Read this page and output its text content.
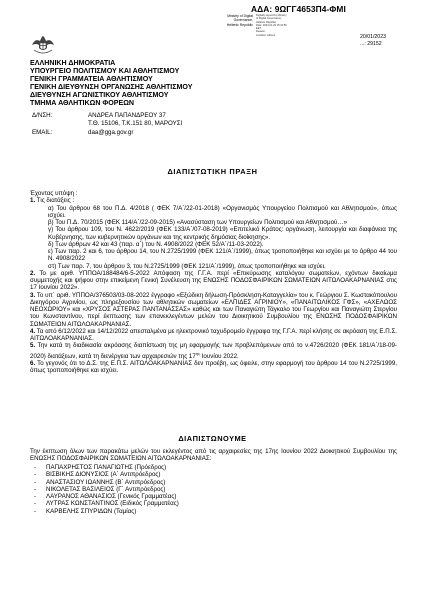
ΑΔΑ: 9ΩΓΓ4653Π4-ΦΜΙ
Ministry of Digital
Governance,
Hellenic Republic
Digitally signed by Ministry
of Digital Governance,
Hellenic Republic
Date: 2023.01.20 15:19:56
EET
Reason:
Location: Athens	20/01/2023
...: 29152
ΕΛΛΗΝΙΚΗ ΔΗΜΟΚΡΑΤΙΑ
ΥΠΟΥΡΓΕΙΟ ΠΟΛΙΤΙΣΜΟΥ ΚΑΙ ΑΘΛΗΤΙΣΜΟΥ
ΓΕΝΙΚΗ ΓΡΑΜΜΑΤΕΙΑ ΑΘΛΗΤΙΣΜΟΥ
ΓΕΝΙΚΗ ΔΙΕΥΘΥΝΣΗ ΟΡΓΑΝΩΣΗΣ ΑΘΛΗΤΙΣΜΟΥ
ΔΙΕΥΘΥΝΣΗ ΑΓΩΝΙΣΤΙΚΟΥ ΑΘΛΗΤΙΣΜΟΥ
ΤΜΗΜΑ ΑΘΛΗΤΙΚΩΝ ΦΟΡΕΩΝ
Δ/ΝΣΗ:	ΑΝΔΡΕΑ ΠΑΠΑΝΔΡΕΟΥ 37
Τ.Θ. 15106, Τ.Κ.151 80, ΜΑΡΟΥΣΙ
EMAIL:	daa@gga.gov.gr
ΔΙΑΠΙΣΤΩΤΙΚΗ ΠΡΑΞΗ

Έχοντας υπόψη :

1. Τις διατάξεις :

α) Του άρθρου 68 του Π.Δ. 4/2018 ( ΦΕΚ 7/Α΄/22-01-2018) «Οργανισμός Υπουργείου Πολιτισμού και Αθλητισμού», όπως ισχύει.

β) Του Π.Δ. 70/2015 (ΦΕΚ 114/Α΄/22-09-2015) «Ανασύσταση των Υπουργείων Πολιτισμού και Αθλητισμού…»

γ) Του άρθρου 109, του Ν. 4622/2019 (ΦΕΚ 133/Α΄/07-08-2019) «Επιτελικό Κράτος: οργάνωση, λειτουργία και διαφάνεια της Κυβέρνησης, των κυβερνητικών οργάνων και της κεντρικής δημόσιας διοίκησης».

δ) Των άρθρων 42 και 43 (παρ. α΄) του Ν. 4908/2022 (ΦΕΚ 52/Α΄/11-03-2022).

ε) Των παρ. 2 και 6, του άρθρου 14, του Ν.2725/1999 (ΦΕΚ 121/Α΄/1999), όπως τροποποιήθηκε και ισχύει με το άρθρο 44 του Ν. 4908/2022

στ) Των παρ. 7, του άρθρου 3, του Ν.2725/1999 (ΦΕΚ 121/Α΄/1999), όπως τροποποιήθηκε και ισχύει.

2. Το με αριθ. ΥΠΠΟΑ/188484/6-5-2022 Απόφαση της Γ.Γ.Α. περί «Επικύρωσης καταλόγου σωματείων, εχόντων δικαίωμα συμμετοχής και ψήφου στην επικείμενη Γενική Συνέλευση της ΕΝΩΣΗΣ ΠΟΔΟΣΦΑΙΡΙΚΩΝ ΣΩΜΑΤΕΙΩΝ ΑΙΤΩΛΟΑΚΑΡΝΑΝΙΑΣ στις 17 Ιουνίου 2022».

3. Το υπ΄ αριθ. ΥΠΠΟΑ/376503/03-08-2022 έγγραφο «Εξώδικη δήλωση-Πρόσκληση-Καταγγελία» του κ. Γεώργιου Σ. Κωστακόπουλου Δικηγόρου Αγρινίου, ως πληρεξουσίου των αθλητικών σωματείων «ΕΛΠΙΔΕΣ ΑΓΡΙΝΙΟΥ», «ΠΑΝΑΙΤΩΛΙΚΟΣ ΓΦΣ», «ΑΧΕΛΩΟΣ ΝΕΟΧΩΡΙΟΥ» και «ΧΡΥΣΟΣ ΑΣΤΕΡΑΣ ΠΑΝΤΑΝΑΣΣΑΣ» καθώς και των Παναγιώτη Τάγκαλο του Γεωργίου και Παναγιώτη Στεργίου του Κωνσταντίνου, περί έκπτωσης των επανεκλεγέντων μελών του Διοικητικού Συμβουλίου της ΕΝΩΣΗΣ ΠΟΔΟΣΦΑΙΡΙΚΩΝ ΣΩΜΑΤΕΙΩΝ ΑΙΤΩΛΟΑΚΑΡΝΑΝΙΑΣ.

4. Τα από 6/12/2022 και 14/12/2022 απεσταλμένα με ηλεκτρονικό ταχυδρομείο έγγραφα της Γ.Γ.Α. περί κλήσης σε ακρόαση της Ε.Π.Σ. ΑΙΤΩΛΟΑΚΑΡΝΑΝΙΑΣ.

5. Την κατά τη διαδικασία ακρόασης διαπίστωση της μη εφαρμογής των προβλεπόμενων από το ν.4726/2020 (ΦΕΚ 181/Α΄/18-09-2020) διατάξεων, κατά τη διενέργεια των αρχαιρεσιών της $17^{\eta\varsigma}$ Ιουνίου 2022.

6. Το γεγονός ότι το Δ.Σ. της Ε.Π.Σ. ΑΙΤΩΛΟΑΚΑΡΝΑΝΙΑΣ δεν προέβη, ως όφειλε, στην εφαρμογή του άρθρου 14 του Ν.2725/1999, όπως τροποποιήθηκε και ισχύει.

ΔΙΑΠΙΣΤΩΝΟΥΜΕ

Την έκπτωση όλων των παρακάτω μελών του εκλεγέντος από τις αρχαιρεσίες της 17ης Ιουνίου 2022 Διοικητικού Συμβουλίου της ΕΝΩΣΗΣ ΠΟΔΟΣΦΑΙΡΙΚΩΝ ΣΩΜΑΤΕΙΩΝ ΑΙΤΩΛΟΑΚΑΡΝΑΝΙΑΣ:

-	ΠΑΠΑΧΡΗΣΤΟΣ ΠΑΝΑΓΙΩΤΗΣ (Πρόεδρος)
-	ΒΙΣΒΙΚΗΣ ΔΙΟΝΥΣΙΟΣ (Α΄ Αντιπρόεδρος)
-	ΑΝΑΣΤΑΣΙΟΥ ΙΩΑΝΝΗΣ (Β΄ Αντιπρόεδρος)
-	ΝΙΚΟΛΕΤΑΣ ΒΑΣΙΛΕΙΟΣ (Γ΄ Αντιπρόεδρος)
-	ΛΑΥΡΑΝΟΣ ΑΘΑΝΑΣΙΟΣ (Γενικός Γραμματέας)
-	ΛΥΤΡΑΣ ΚΩΝΣΤΑΝΤΙΝΟΣ (Ειδικός Γραμματέας)
-	ΚΑΡΒΕΛΗΣ ΣΠΥΡΙΔΩΝ (Ταμίας)
